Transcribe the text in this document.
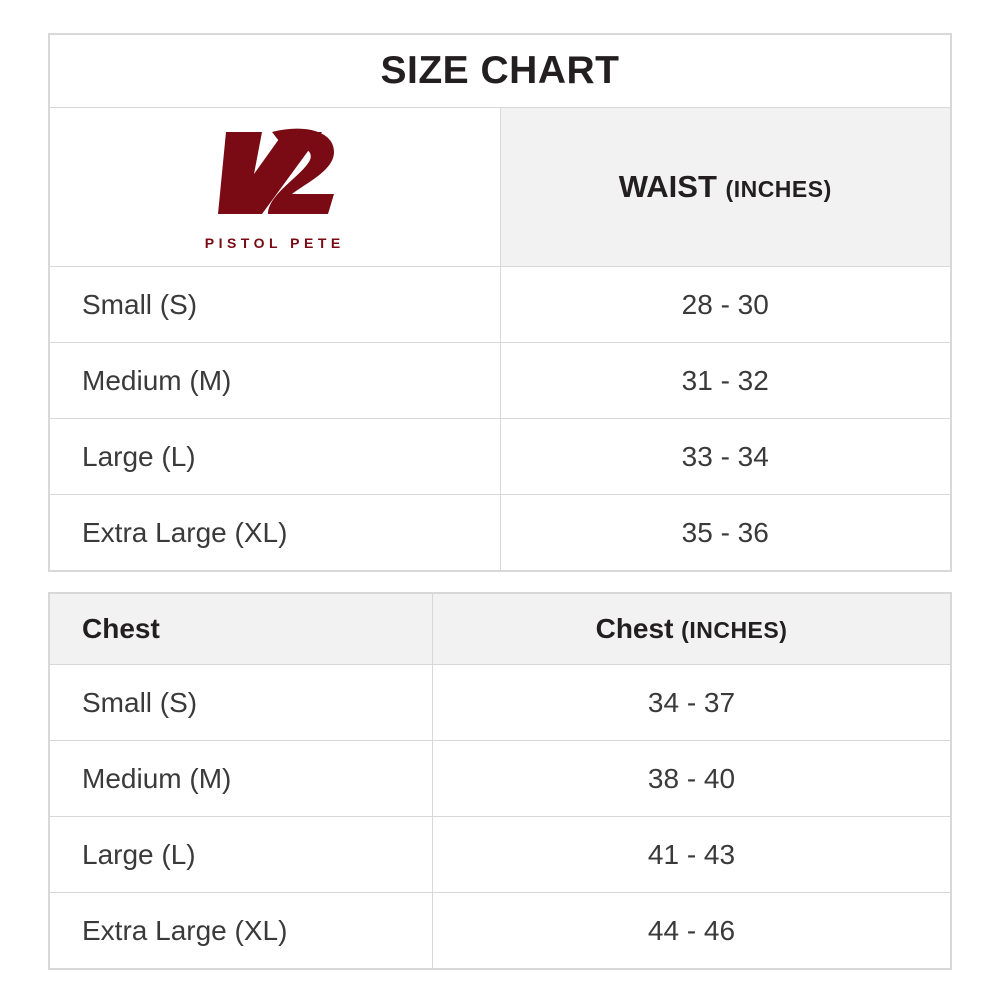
SIZE CHART	

PISTOL PETE	WAIST (INCHES)
Small (S)	28 - 30
Medium (M)	31 - 32
Large (L)	33 - 34
Extra Large (XL)	35 - 36
Chest	Chest (INCHES)
Small (S)	34 - 37
Medium (M)	38 - 40
Large (L)	41 - 43
Extra Large (XL)	44 - 46
